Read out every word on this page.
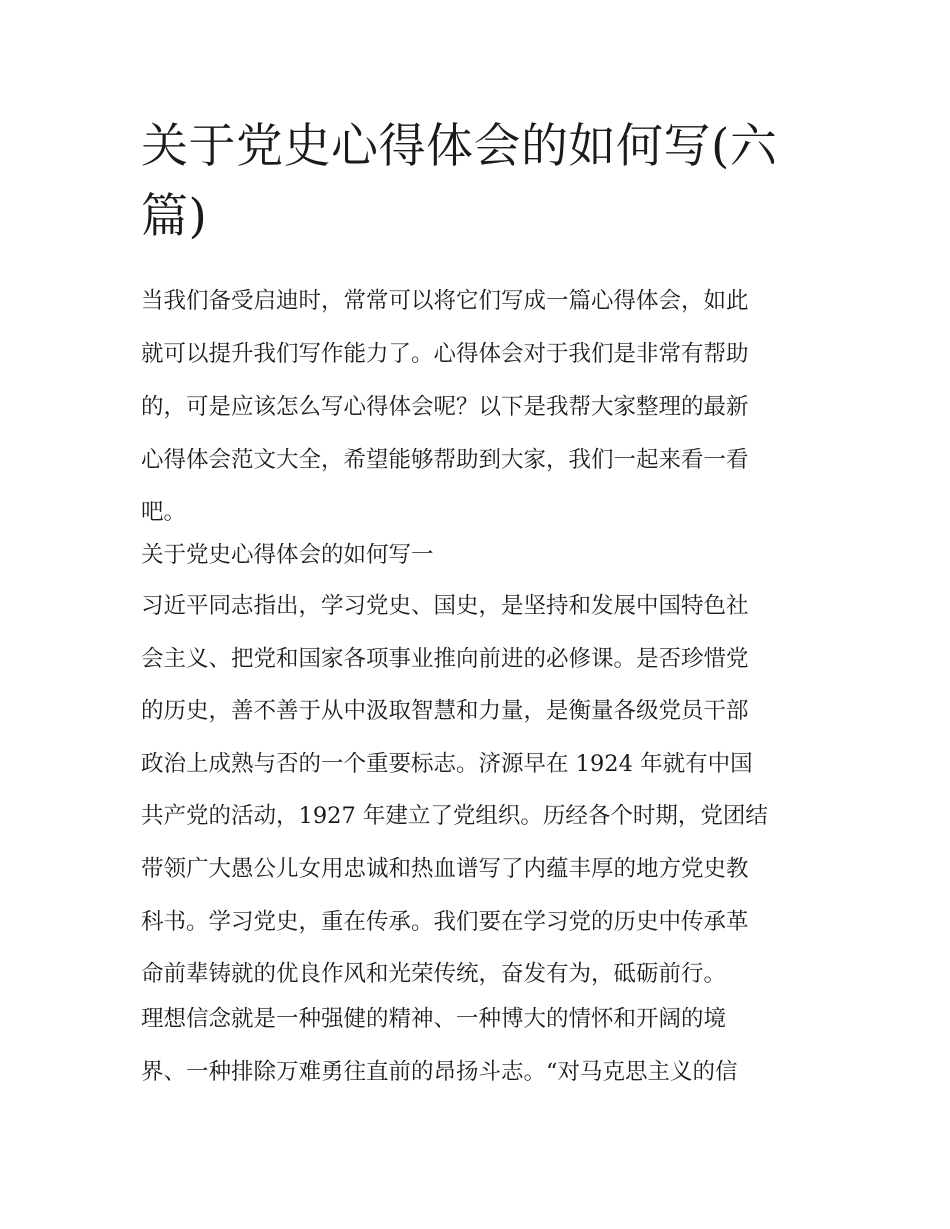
关于党史心得体会的如何写(六
篇)

当我们备受启迪时，常常可以将它们写成一篇心得体会，如此

就可以提升我们写作能力了。心得体会对于我们是非常有帮助

的，可是应该怎么写心得体会呢？以下是我帮大家整理的最新

心得体会范文大全，希望能够帮助到大家，我们一起来看一看

吧。

关于党史心得体会的如何写一

习近平同志指出，学习党史、国史，是坚持和发展中国特色社

会主义、把党和国家各项事业推向前进的必修课。是否珍惜党

的历史，善不善于从中汲取智慧和力量，是衡量各级党员干部

政治上成熟与否的一个重要标志。济源早在 1924 年就有中国

共产党的活动，1927 年建立了党组织。历经各个时期，党团结

带领广大愚公儿女用忠诚和热血谱写了内蕴丰厚的地方党史教

科书。学习党史，重在传承。我们要在学习党的历史中传承革

命前辈铸就的优良作风和光荣传统，奋发有为，砥砺前行。

理想信念就是一种强健的精神、一种博大的情怀和开阔的境

界、一种排除万难勇往直前的昂扬斗志。“对马克思主义的信
